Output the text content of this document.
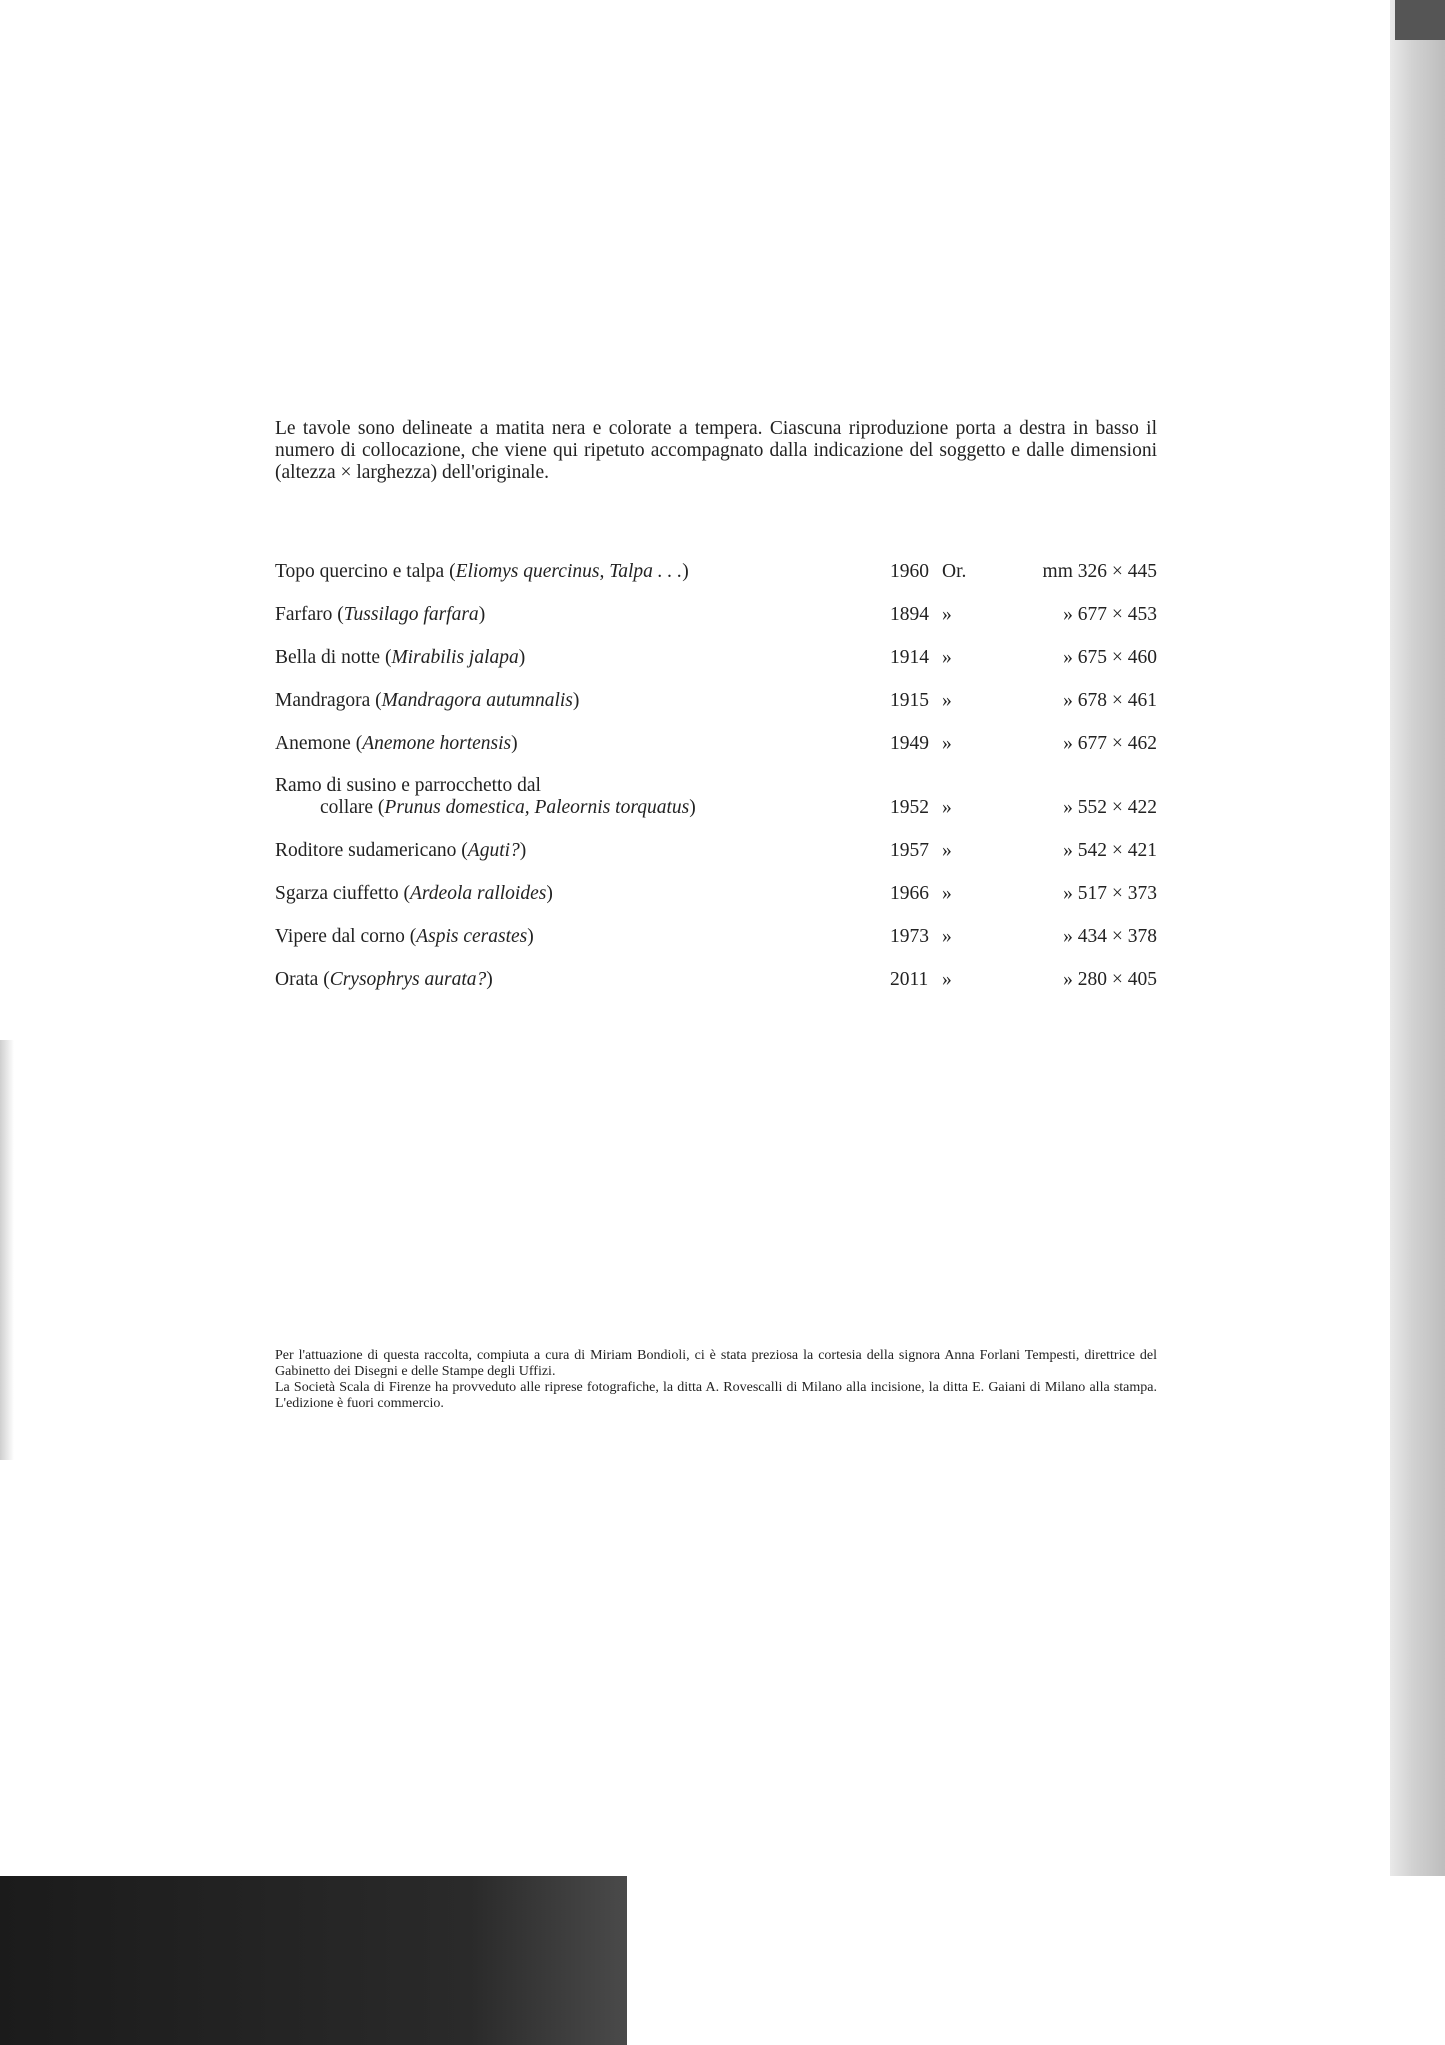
Le tavole sono delineate a matita nera e colorate a tempera. Ciascuna riproduzione porta a destra in basso il numero di collocazione, che viene qui ripetuto accompagnato dalla indicazione del soggetto e dalle dimensioni (altezza × larghezza) dell'originale.

Topo quercino e talpa (Eliomys quercinus, Talpa . . .)	1960 Or.	mm 326 × 445
Farfaro (Tussilago farfara)	1894 »	» 677 × 453
Bella di notte (Mirabilis jalapa)	1914 »	» 675 × 460
Mandragora (Mandragora autumnalis)	1915 »	» 678 × 461
Anemone (Anemone hortensis)	1949 »	» 677 × 462
Ramo di susino e parrocchetto dal
collare (Prunus domestica, Paleornis torquatus)	1952 »	» 552 × 422
Roditore sudamericano (Aguti?)	1957 »	» 542 × 421
Sgarza ciuffetto (Ardeola ralloides)	1966 »	» 517 × 373
Vipere dal corno (Aspis cerastes)	1973 »	» 434 × 378
Orata (Crysophrys aurata?)	2011 »	» 280 × 405
Per l'attuazione di questa raccolta, compiuta a cura di Miriam Bondioli, ci è stata preziosa la cortesia della signora Anna Forlani Tempesti, direttrice del Gabinetto dei Disegni e delle Stampe degli Uffizi.
La Società Scala di Firenze ha provveduto alle riprese fotografiche, la ditta A. Rovescalli di Milano alla incisione, la ditta E. Gaiani di Milano alla stampa. L'edizione è fuori commercio.
